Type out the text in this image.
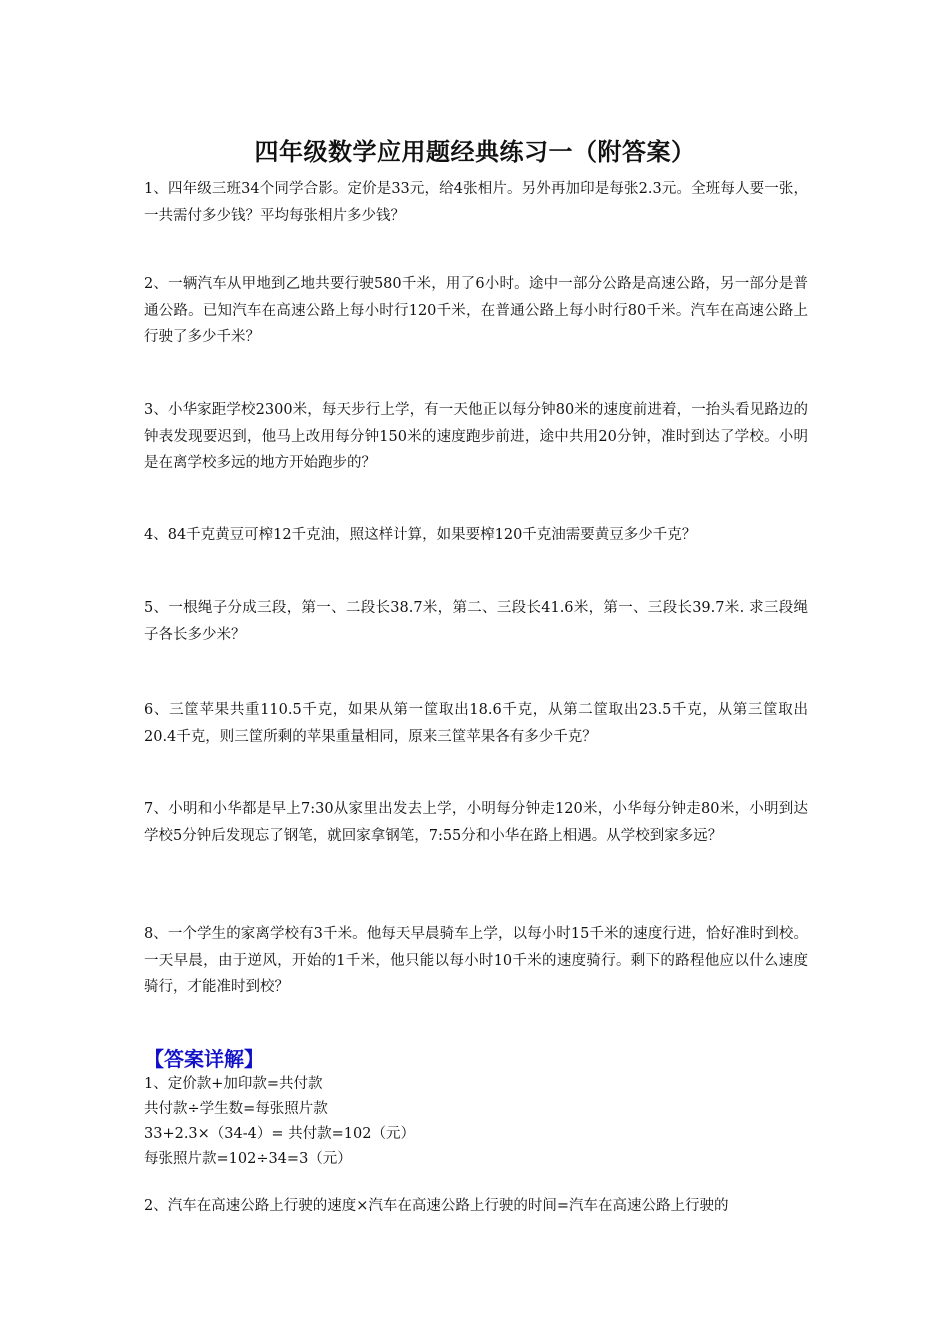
四年级数学应用题经典练习一（附答案）

1、四年级三班34个同学合影。定价是33元，给4张相片。另外再加印是每张2.3元。全班每人要一张，一共需付多少钱？平均每张相片多少钱？

2、一辆汽车从甲地到乙地共要行驶580千米，用了6小时。途中一部分公路是高速公路，另一部分是普通公路。已知汽车在高速公路上每小时行120千米，在普通公路上每小时行80千米。汽车在高速公路上行驶了多少千米？

3、小华家距学校2300米，每天步行上学，有一天他正以每分钟80米的速度前进着，一抬头看见路边的钟表发现要迟到，他马上改用每分钟150米的速度跑步前进，途中共用20分钟，准时到达了学校。小明是在离学校多远的地方开始跑步的？

4、84千克黄豆可榨12千克油，照这样计算，如果要榨120千克油需要黄豆多少千克？

5、一根绳子分成三段，第一、二段长38.7米，第二、三段长41.6米，第一、三段长39.7米. 求三段绳子各长多少米？

6、三筐苹果共重110.5千克，如果从第一筐取出18.6千克，从第二筐取出23.5千克，从第三筐取出20.4千克，则三筐所剩的苹果重量相同，原来三筐苹果各有多少千克？

7、小明和小华都是早上7:30从家里出发去上学，小明每分钟走120米，小华每分钟走80米，小明到达学校5分钟后发现忘了钢笔，就回家拿钢笔，7:55分和小华在路上相遇。从学校到家多远？

8、一个学生的家离学校有3千米。他每天早晨骑车上学，以每小时15千米的速度行进，恰好准时到校。一天早晨，由于逆风，开始的1千米，他只能以每小时10千米的速度骑行。剩下的路程他应以什么速度骑行，才能准时到校？

【答案详解】

1、定价款+加印款=共付款

共付款÷学生数=每张照片款

33+2.3×（34-4）= 共付款=102（元）

每张照片款=102÷34=3（元）

2、汽车在高速公路上行驶的速度×汽车在高速公路上行驶的时间=汽车在高速公路上行驶的
